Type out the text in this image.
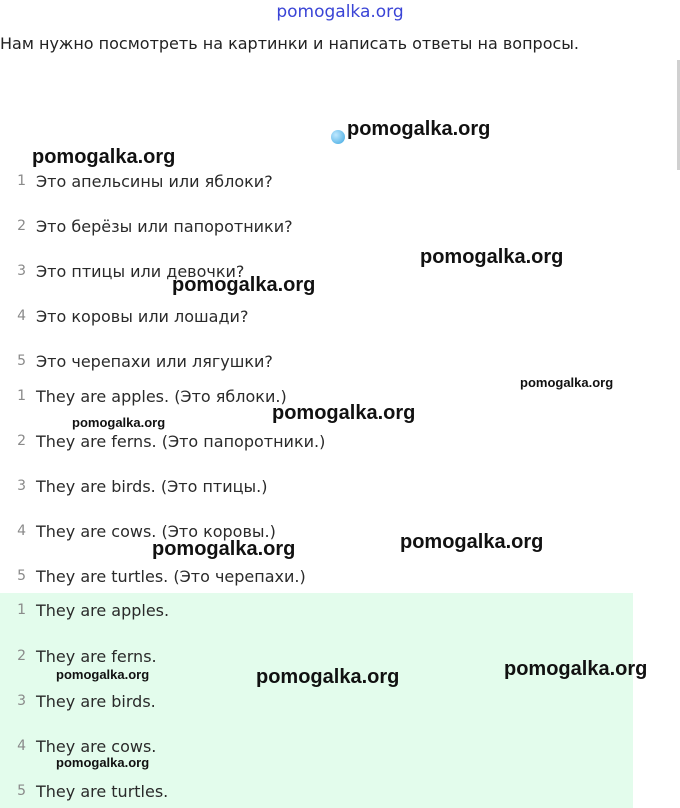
pomogalka.org
Нам нужно посмотреть на картинки и написать ответы на вопросы.
1 Это апельсины или яблоки?
2 Это берёзы или папоротники?
3 Это птицы или девочки?
4 Это коровы или лошади?
5 Это черепахи или лягушки?
1 They are apples. (Это яблоки.)
2 They are ferns. (Это папоротники.)
3 They are birds. (Это птицы.)
4 They are cows. (Это коровы.)
5 They are turtles. (Это черепахи.)
1 They are apples.
2 They are ferns.
3 They are birds.
4 They are cows.
5 They are turtles.
pomogalka.org
pomogalka.org
pomogalka.org
pomogalka.org
pomogalka.org
pomogalka.org
pomogalka.org
pomogalka.org	pomogalka.org
pomogalka.org
pomogalka.org	pomogalka.org
pomogalka.org
